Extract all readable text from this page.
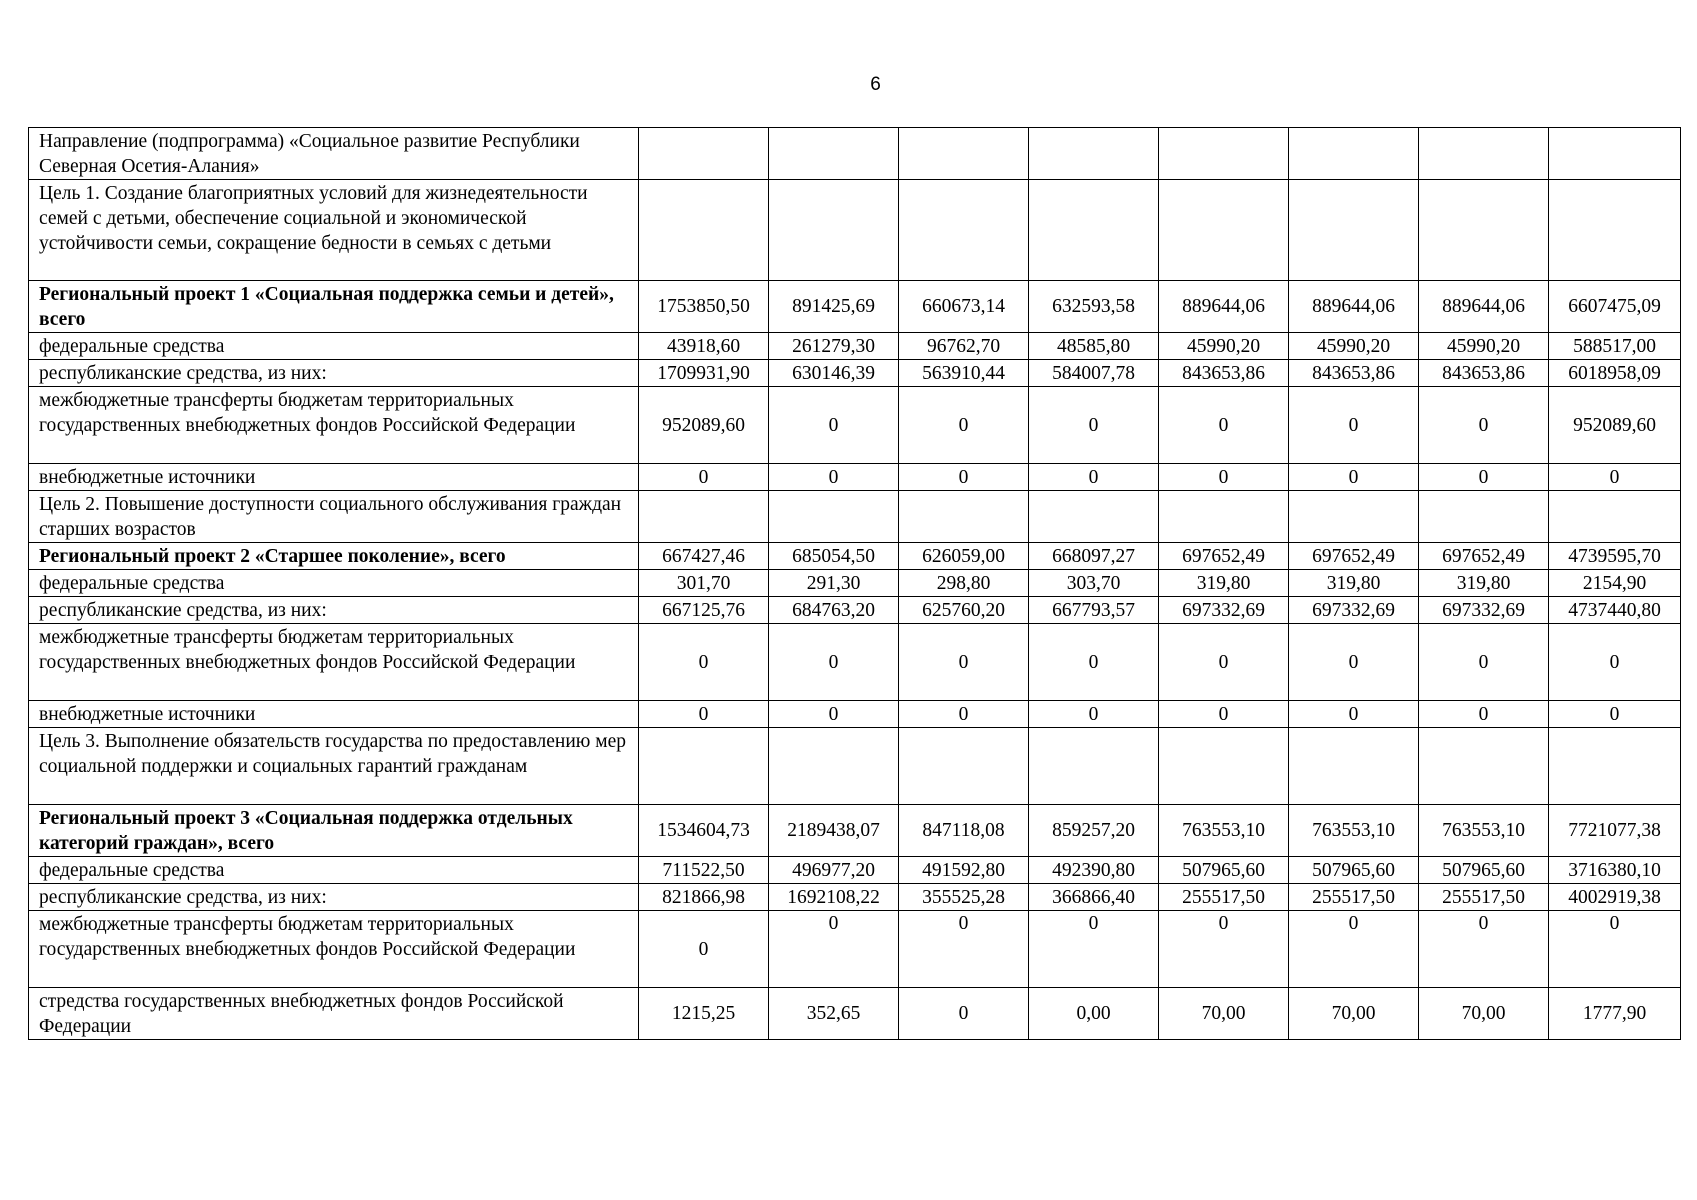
6
Направление (подпрограмма) «Социальное развитие Республики Северная Осетия-Алания»								
Цель 1. Создание благоприятных условий для жизнедеятельности семей с детьми, обеспечение социальной и экономической устойчивости семьи, сокращение бедности в семьях с детьми								
Региональный проект 1 «Социальная поддержка семьи и детей», всего	1753850,50	891425,69	660673,14	632593,58	889644,06	889644,06	889644,06	6607475,09
федеральные средства	43918,60	261279,30	96762,70	48585,80	45990,20	45990,20	45990,20	588517,00
республиканские средства, из них:	1709931,90	630146,39	563910,44	584007,78	843653,86	843653,86	843653,86	6018958,09
межбюджетные трансферты бюджетам территориальных государственных внебюджетных фондов Российской Федерации	952089,60	0	0	0	0	0	0	952089,60
внебюджетные источники	0	0	0	0	0	0	0	0
Цель 2. Повышение доступности социального обслуживания граждан старших возрастов								
Региональный проект 2 «Старшее поколение», всего	667427,46	685054,50	626059,00	668097,27	697652,49	697652,49	697652,49	4739595,70
федеральные средства	301,70	291,30	298,80	303,70	319,80	319,80	319,80	2154,90
республиканские средства, из них:	667125,76	684763,20	625760,20	667793,57	697332,69	697332,69	697332,69	4737440,80
межбюджетные трансферты бюджетам территориальных государственных внебюджетных фондов Российской Федерации	0	0	0	0	0	0	0	0
внебюджетные источники	0	0	0	0	0	0	0	0
Цель 3. Выполнение обязательств государства по предоставлению мер социальной поддержки и социальных гарантий гражданам								
Региональный проект 3 «Социальная поддержка отдельных категорий граждан», всего	1534604,73	2189438,07	847118,08	859257,20	763553,10	763553,10	763553,10	7721077,38
федеральные средства	711522,50	496977,20	491592,80	492390,80	507965,60	507965,60	507965,60	3716380,10
республиканские средства, из них:	821866,98	1692108,22	355525,28	366866,40	255517,50	255517,50	255517,50	4002919,38
межбюджетные трансферты бюджетам территориальных государственных внебюджетных фондов Российской Федерации	0	0	0	0	0	0	0	0
стредства государственных внебюджетных фондов Российской Федерации	1215,25	352,65	0	0,00	70,00	70,00	70,00	1777,90
